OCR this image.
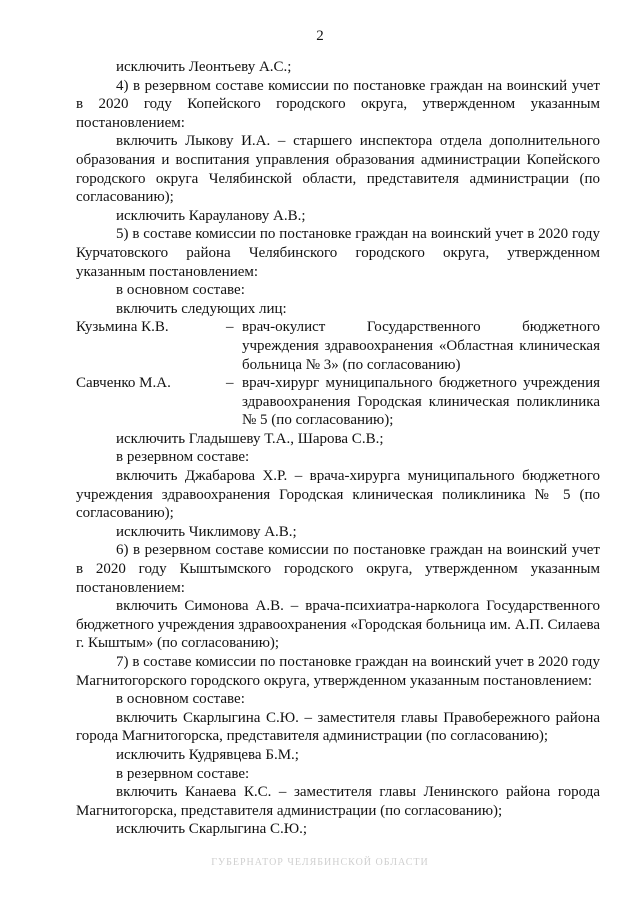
2

исключить Леонтьеву А.С.;

4) в резервном составе комиссии по постановке граждан на воинский учет в 2020 году Копейского городского округа, утвержденном указанным постановлением:

включить Лыкову И.А. – старшего инспектора отдела дополнительного образования и воспитания управления образования администрации Копейского городского округа Челябинской области, представителя администрации (по согласованию);

исключить Карауланову А.В.;

5) в составе комиссии по постановке граждан на воинский учет в 2020 году Курчатовского района Челябинского городского округа, утвержденном указанным постановлением:

в основном составе:

включить следующих лиц:

Кузьмина К.В.	– врач-окулист Государственного бюджетного учреждения здравоохранения «Областная клиническая больница № 3» (по согласованию)
Савченко М.А.	– врач-хирург муниципального бюджетного учреждения здравоохранения Городская клиническая поликлиника № 5 (по согласованию);

исключить Гладышеву Т.А., Шарова С.В.;

в резервном составе:

включить Джабарова Х.Р. – врача-хирурга муниципального бюджетного учреждения здравоохранения Городская клиническая поликлиника № 5 (по согласованию);

исключить Чиклимову А.В.;

6) в резервном составе комиссии по постановке граждан на воинский учет в 2020 году Кыштымского городского округа, утвержденном указанным постановлением:

включить Симонова А.В. – врача-психиатра-нарколога Государственного бюджетного учреждения здравоохранения «Городская больница им. А.П. Силаева г. Кыштым» (по согласованию);

7) в составе комиссии по постановке граждан на воинский учет в 2020 году Магнитогорского городского округа, утвержденном указанным постановлением:

в основном составе:

включить Скарлыгина С.Ю. – заместителя главы Правобережного района города Магнитогорска, представителя администрации (по согласованию);

исключить Кудрявцева Б.М.;

в резервном составе:

включить Канаева К.С. – заместителя главы Ленинского района города Магнитогорска, представителя администрации (по согласованию);

исключить Скарлыгина С.Ю.;

ГУБЕРНАТОР ЧЕЛЯБИНСКОЙ ОБЛАСТИ
